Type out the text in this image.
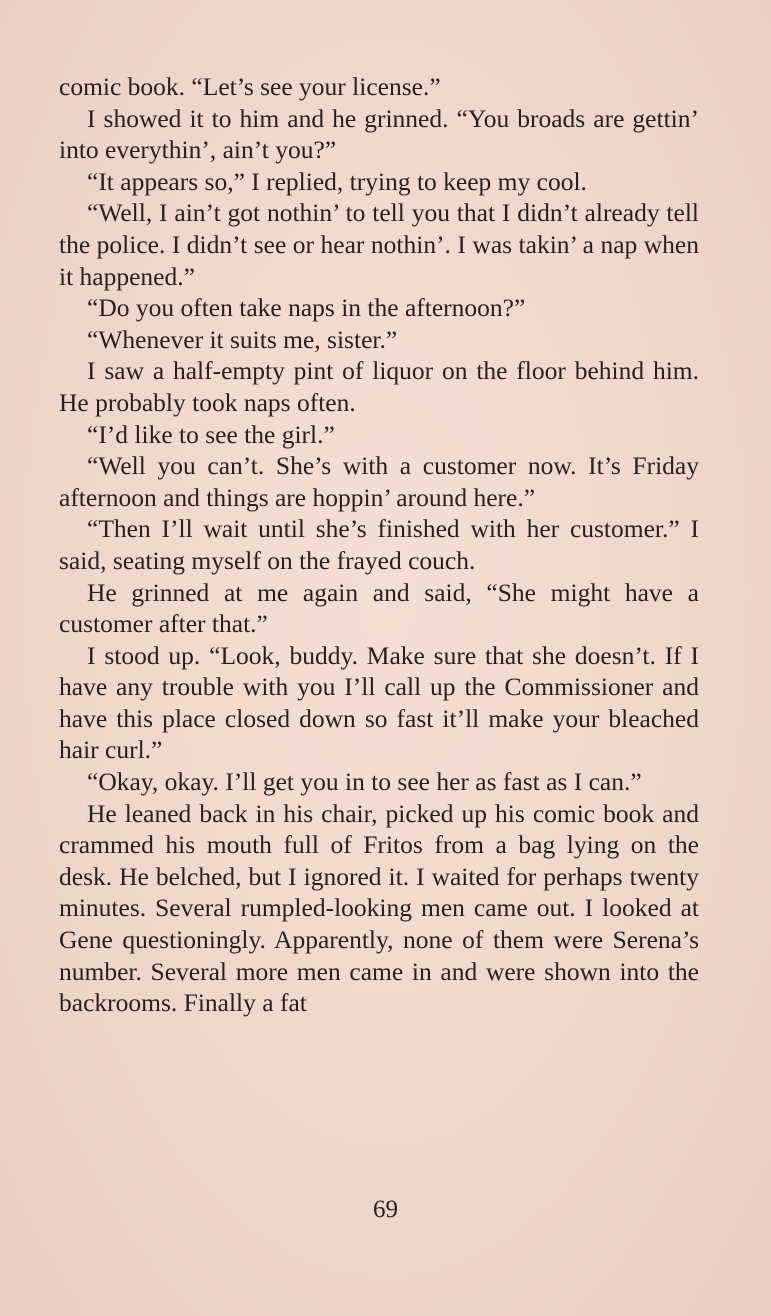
comic book. “Let’s see your license.”

I showed it to him and he grinned. “You broads are gettin’ into everythin’, ain’t you?”

“It appears so,” I replied, trying to keep my cool.

“Well, I ain’t got nothin’ to tell you that I didn’t already tell the police. I didn’t see or hear nothin’. I was takin’ a nap when it happened.”

“Do you often take naps in the afternoon?”

“Whenever it suits me, sister.”

I saw a half-empty pint of liquor on the floor behind him. He probably took naps often.

“I’d like to see the girl.”

“Well you can’t. She’s with a customer now. It’s Friday afternoon and things are hoppin’ around here.”

“Then I’ll wait until she’s finished with her customer.” I said, seating myself on the frayed couch.

He grinned at me again and said, “She might have a customer after that.”

I stood up. “Look, buddy. Make sure that she doesn’t. If I have any trouble with you I’ll call up the Commissioner and have this place closed down so fast it’ll make your bleached hair curl.”

“Okay, okay. I’ll get you in to see her as fast as I can.”

He leaned back in his chair, picked up his comic book and crammed his mouth full of Fritos from a bag lying on the desk. He belched, but I ignored it. I waited for perhaps twenty minutes. Several rumpled-looking men came out. I looked at Gene questioningly. Apparently, none of them were Serena’s number. Several more men came in and were shown into the backrooms. Finally a fat

69
